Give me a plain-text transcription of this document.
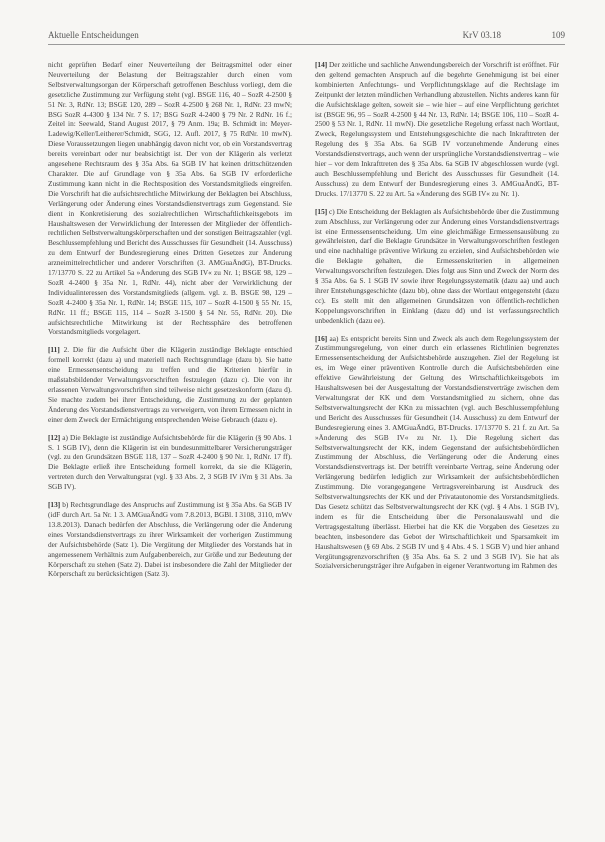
Aktuelle Entscheidungen	KrV 03.18	109

nicht geprüften Bedarf einer Neuverteilung der Beitragsmittel oder einer Neuverteilung der Belastung der Beitragszahler durch einen vom Selbstverwaltungsorgan der Körperschaft getroffenen Beschluss vorliegt, dem die gesetzliche Zustimmung zur Verfügung steht (vgl. BSGE 116, 40 – SozR 4-2500 § 51 Nr. 3, RdNr. 13; BSGE 120, 289 – SozR 4-2500 § 268 Nr. 1, RdNr. 23 mwN; BSG SozR 4-4300 § 134 Nr. 7 S. 17; BSG SozR 4-2400 § 79 Nr. 2 RdNr. 16 f.; Zeitel in: Seewald, Stand August 2017, § 79 Anm. 19a; B. Schmidt in: Meyer-Ladewig/Keller/Leitherer/Schmidt, SGG, 12. Aufl. 2017, § 75 RdNr. 10 mwN). Diese Voraussetzungen liegen unabhängig davon nicht vor, ob ein Vorstandsvertrag bereits vereinbart oder nur beabsichtigt ist. Der von der Klägerin als verletzt angesehene Rechtsraum des § 35a Abs. 6a SGB IV hat keinen drittschützenden Charakter. Die auf Grundlage von § 35a Abs. 6a SGB IV erforderliche Zustimmung kann nicht in die Rechtsposition des Vorstandsmitglieds eingreifen. Die Vorschrift hat die aufsichtsrechtliche Mitwirkung der Beklagten bei Abschluss, Verlängerung oder Änderung eines Vorstandsdienstvertrags zum Gegenstand. Sie dient in Konkretisierung des sozialrechtlichen Wirtschaftlichkeitsgebots im Haushaltswesen der Verwirklichung der Interessen der Mitglieder der öffentlich-rechtlichen Selbstverwaltungskörperschaften und der sonstigen Beitragszahler (vgl. Beschlussempfehlung und Bericht des Ausschusses für Gesundheit (14. Ausschuss) zu dem Entwurf der Bundesregierung eines Dritten Gesetzes zur Änderung arzneimittelrechtlicher und anderer Vorschriften (3. AMGuaÄndG), BT-Drucks. 17/13770 S. 22 zu Artikel 5a »Änderung des SGB IV« zu Nr. 1; BSGE 98, 129 – SozR 4-2400 § 35a Nr. 1, RdNr. 44), nicht aber der Verwirklichung der Individualinteressen des Vorstandsmitglieds (allgem. vgl. z. B. BSGE 98, 129 – SozR 4-2400 § 35a Nr. 1, RdNr. 14; BSGE 115, 107 – SozR 4-1500 § 55 Nr. 15, RdNr. 11 ff.; BSGE 115, 114 – SozR 3-1500 § 54 Nr. 55, RdNr. 20). Die aufsichtsrechtliche Mitwirkung ist der Rechtssphäre des betroffenen Vorstandsmitglieds vorgelagert.

[11] 2. Die für die Aufsicht über die Klägerin zuständige Beklagte entschied formell korrekt (dazu a) und materiell nach Rechtsgrundlage (dazu b). Sie hatte eine Ermessensentscheidung zu treffen und die Kriterien hierfür in maßstabsbildender Verwaltungsvorschriften festzulegen (dazu c). Die von ihr erlassenen Verwaltungsvorschriften sind teilweise nicht gesetzeskonform (dazu d). Sie machte zudem bei ihrer Entscheidung, die Zustimmung zu der geplanten Änderung des Vorstandsdienstvertrags zu verweigern, von ihrem Ermessen nicht in einer dem Zweck der Ermächtigung entsprechenden Weise Gebrauch (dazu e).

[12] a) Die Beklagte ist zuständige Aufsichtsbehörde für die Klägerin (§ 90 Abs. 1 S. 1 SGB IV), denn die Klägerin ist ein bundesunmittelbarer Versicherungsträger (vgl. zu den Grundsätzen BSGE 118, 137 – SozR 4-2400 § 90 Nr. 1, RdNr. 17 ff). Die Beklagte erließ ihre Entscheidung formell korrekt, da sie die Klägerin, vertreten durch den Verwaltungsrat (vgl. § 33 Abs. 2, 3 SGB IV iVm § 31 Abs. 3a SGB IV).

[13] b) Rechtsgrundlage des Anspruchs auf Zustimmung ist § 35a Abs. 6a SGB IV (idF durch Art. 5a Nr. 1 3. AMGuaÄndG vom 7.8.2013, BGBl. I 3108, 3110, mWv 13.8.2013). Danach bedürfen der Abschluss, die Verlängerung oder die Änderung eines Vorstandsdienstvertrags zu ihrer Wirksamkeit der vorherigen Zustimmung der Aufsichtsbehörde (Satz 1). Die Vergütung der Mitglieder des Vorstands hat in angemessenem Verhältnis zum Aufgabenbereich, zur Größe und zur Bedeutung der Körperschaft zu stehen (Satz 2). Dabei ist insbesondere die Zahl der Mitglieder der Körperschaft zu berücksichtigen (Satz 3).

[14] Der zeitliche und sachliche Anwendungsbereich der Vorschrift ist eröffnet. Für den geltend gemachten Anspruch auf die begehrte Genehmigung ist bei einer kombinierten Anfechtungs- und Verpflichtungsklage auf die Rechtslage im Zeitpunkt der letzten mündlichen Verhandlung abzustellen. Nichts anderes kann für die Aufsichtsklage gelten, soweit sie – wie hier – auf eine Verpflichtung gerichtet ist (BSGE 96, 95 – SozR 4-2500 § 44 Nr. 13, RdNr. 14; BSGE 106, 110 – SozR 4-2500 § 53 Nr. 1, RdNr. 11 mwN). Die gesetzliche Regelung erfasst nach Wortlaut, Zweck, Regelungssystem und Entstehungsgeschichte die nach Inkrafttreten der Regelung des § 35a Abs. 6a SGB IV vorzunehmende Änderung eines Vorstandsdienstvertrags, auch wenn der ursprüngliche Vorstandsdienstvertrag – wie hier – vor dem Inkrafttreten des § 35a Abs. 6a SGB IV abgeschlossen wurde (vgl. auch Beschlussempfehlung und Bericht des Ausschusses für Gesundheit (14. Ausschuss) zu dem Entwurf der Bundesregierung eines 3. AMGuaÄndG, BT-Drucks. 17/13770 S. 22 zu Art. 5a »Änderung des SGB IV« zu Nr. 1).

[15] c) Die Entscheidung der Beklagten als Aufsichtsbehörde über die Zustimmung zum Abschluss, zur Verlängerung oder zur Änderung eines Vorstandsdienstvertrags ist eine Ermessensentscheidung. Um eine gleichmäßige Ermessensausübung zu gewährleisten, darf die Beklagte Grundsätze in Verwaltungsvorschriften festlegen und eine nachhaltige präventive Wirkung zu erzielen, sind Aufsichtsbehörden wie die Beklagte gehalten, die Ermessenskriterien in allgemeinen Verwaltungsvorschriften festzulegen. Dies folgt aus Sinn und Zweck der Norm des § 35a Abs. 6a S. 1 SGB IV sowie ihrer Regelungssystematik (dazu aa) und auch ihrer Entstehungsgeschichte (dazu bb), ohne dass der Wortlaut entgegensteht (dazu cc). Es stellt mit den allgemeinen Grundsätzen von öffentlich-rechtlichen Koppelungsvorschriften in Einklang (dazu dd) und ist verfassungsrechtlich unbedenklich (dazu ee).

[16] aa) Es entspricht bereits Sinn und Zweck als auch dem Regelungssystem der Zustimmungsregelung, von einer durch ein erlassenes Richtlinien begrenztes Ermessensentscheidung der Aufsichtsbehörde auszugehen. Ziel der Regelung ist es, im Wege einer präventiven Kontrolle durch die Aufsichtsbehörden eine effektive Gewährleistung der Geltung des Wirtschaftlichkeitsgebots im Haushaltswesen bei der Ausgestaltung der Vorstandsdienstverträge zwischen dem Verwaltungsrat der KK und dem Vorstandsmitglied zu sichern, ohne das Selbstverwaltungsrecht der KKn zu missachten (vgl. auch Beschlussempfehlung und Bericht des Ausschusses für Gesundheit (14. Ausschuss) zu dem Entwurf der Bundesregierung eines 3. AMGuaÄndG, BT-Drucks. 17/13770 S. 21 f. zu Art. 5a »Änderung des SGB IV« zu Nr. 1). Die Regelung sichert das Selbstverwaltungsrecht der KK, indem Gegenstand der aufsichtsbehördlichen Zustimmung der Abschluss, die Verlängerung oder die Änderung eines Vorstandsdienstvertrags ist. Der betrifft vereinbarte Vertrag, seine Änderung oder Verlängerung bedürfen lediglich zur Wirksamkeit der aufsichtsbehördlichen Zustimmung. Die vorangegangene Vertragsvereinbarung ist Ausdruck des Selbstverwaltungsrechts der KK und der Privatautonomie des Vorstandsmitglieds. Das Gesetz schützt das Selbstverwaltungsrecht der KK (vgl. § 4 Abs. 1 SGB IV), indem es für die Entscheidung über die Personalauswahl und die Vertragsgestaltung überlässt. Hierbei hat die KK die Vorgaben des Gesetzes zu beachten, insbesondere das Gebot der Wirtschaftlichkeit und Sparsamkeit im Haushaltswesen (§ 69 Abs. 2 SGB IV und § 4 Abs. 4 S. 1 SGB V) und hier anhand Vergütungsgrenzvorschriften (§ 35a Abs. 6a S. 2 und 3 SGB IV). Sie hat als Sozialversicherungsträger ihre Aufgaben in eigener Verantwortung im Rahmen des
